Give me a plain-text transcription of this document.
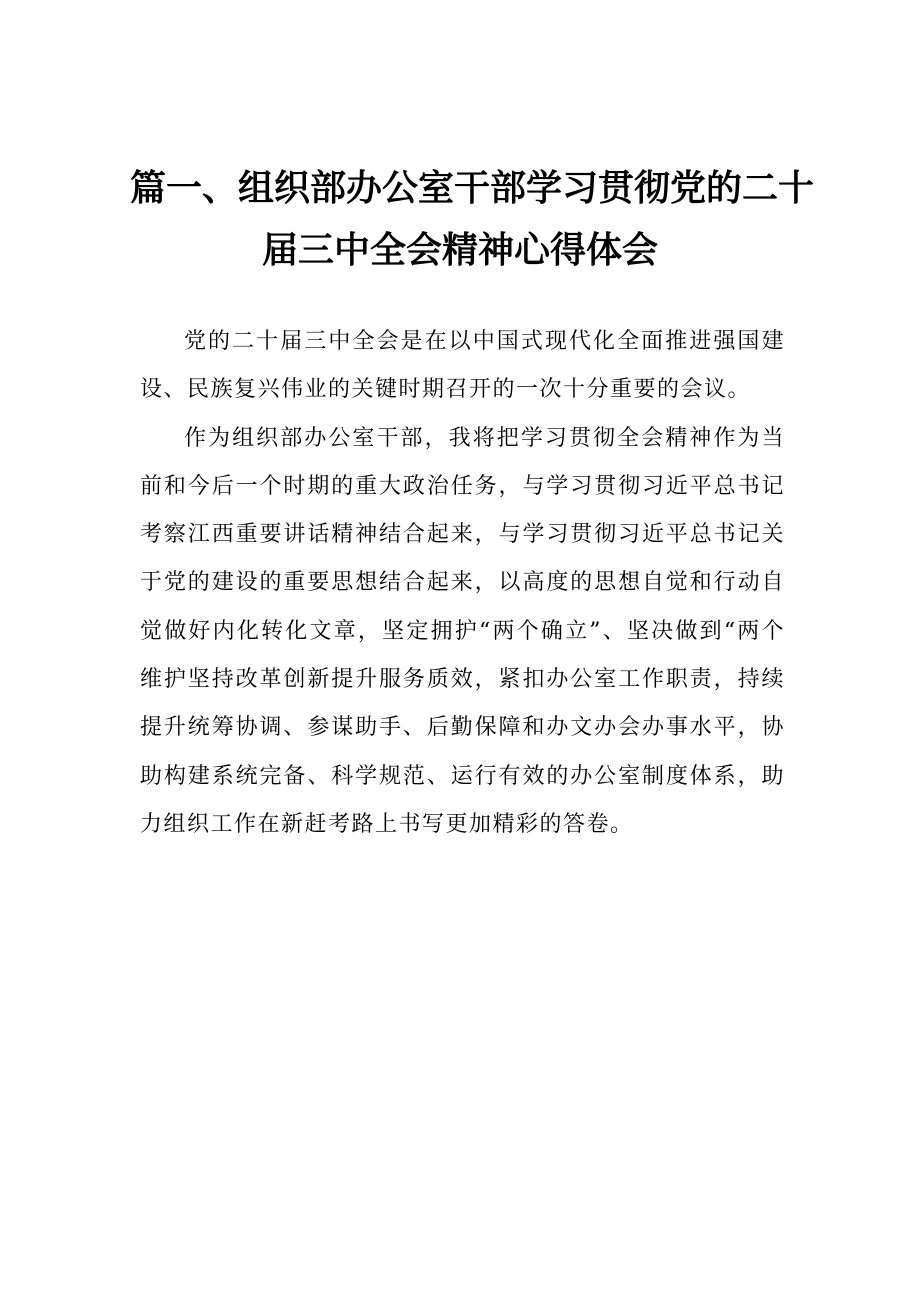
篇一、组织部办公室干部学习贯彻党的二十
届三中全会精神心得体会

党的二十届三中全会是在以中国式现代化全面推进强国建设、民族复兴伟业的关键时期召开的一次十分重要的会议。

作为组织部办公室干部，我将把学习贯彻全会精神作为当前和今后一个时期的重大政治任务，与学习贯彻习近平总书记考察江西重要讲话精神结合起来，与学习贯彻习近平总书记关于党的建设的重要思想结合起来，以高度的思想自觉和行动自觉做好内化转化文章，坚定拥护“两个确立”、坚决做到“两个维护坚持改革创新提升服务质效，紧扣办公室工作职责，持续提升统筹协调、参谋助手、后勤保障和办文办会办事水平，协助构建系统完备、科学规范、运行有效的办公室制度体系，助力组织工作在新赶考路上书写更加精彩的答卷。
